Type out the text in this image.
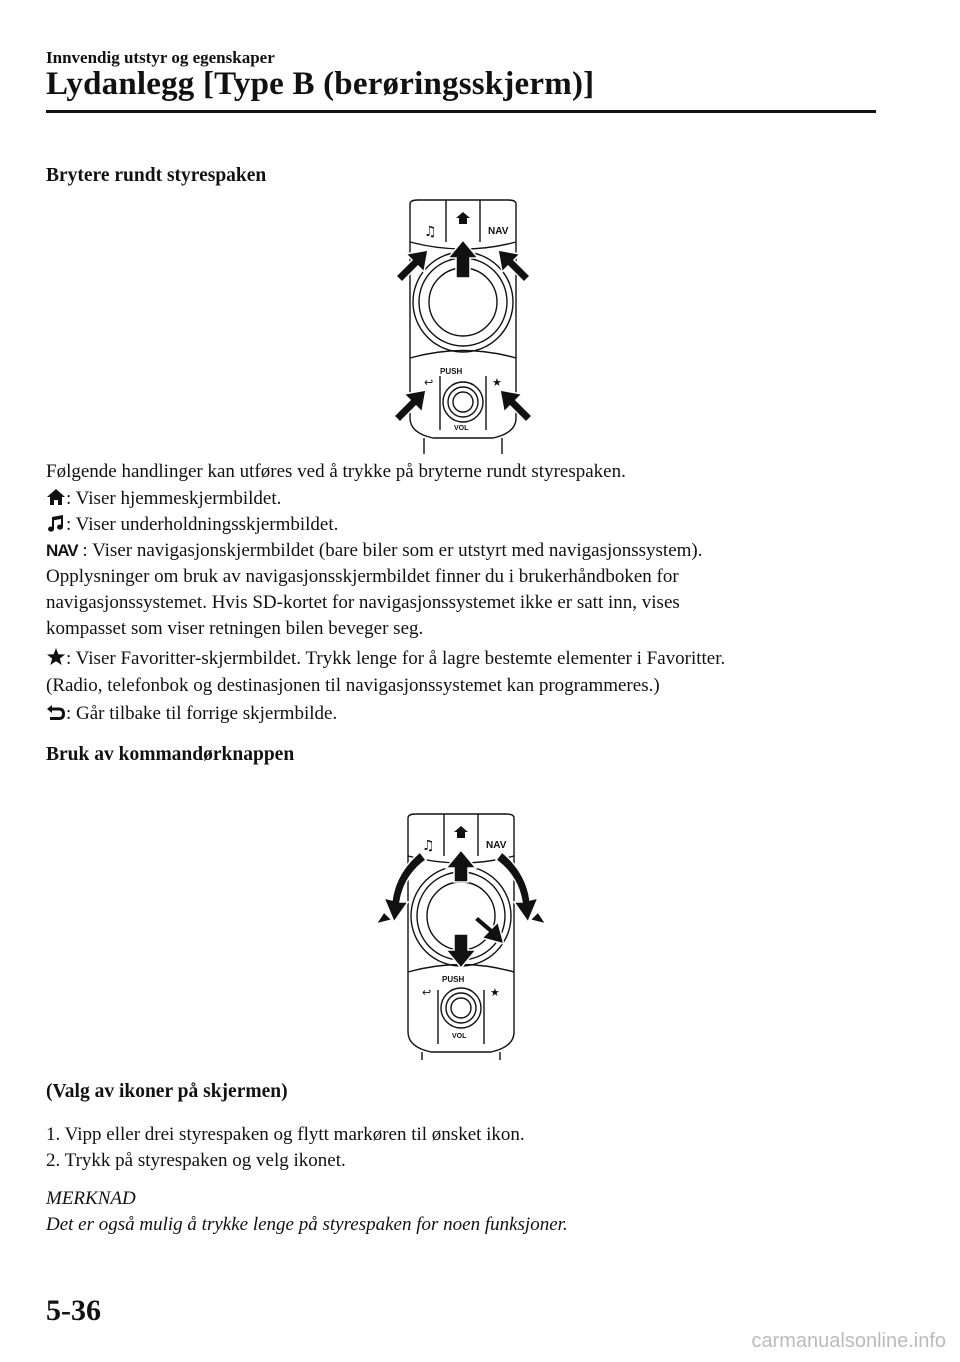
Innvendig utstyr og egenskaper
Lydanlegg [Type B (berøringsskjerm)]
Brytere rundt styrespaken
♫	NAV
PUSH
↩	★
VOL
Følgende handlinger kan utføres ved å trykke på bryterne rundt styrespaken.
: Viser hjemmeskjermbildet.
: Viser underholdningsskjermbildet.
NAV : Viser navigasjonskjermbildet (bare biler som er utstyrt med navigasjonssystem).
Opplysninger om bruk av navigasjonsskjermbildet finner du i brukerhåndboken for
navigasjonssystemet. Hvis SD-kortet for navigasjonssystemet ikke er satt inn, vises
kompasset som viser retningen bilen beveger seg.
: Viser Favoritter-skjermbildet. Trykk lenge for å lagre bestemte elementer i Favoritter.
(Radio, telefonbok og destinasjonen til navigasjonssystemet kan programmeres.)
: Går tilbake til forrige skjermbilde.
Bruk av kommandørknappen
♫	NAV
PUSH
↩	★
VOL
(Valg av ikoner på skjermen)
1. Vipp eller drei styrespaken og flytt markøren til ønsket ikon.
2. Trykk på styrespaken og velg ikonet.
MERKNAD
Det er også mulig å trykke lenge på styrespaken for noen funksjoner.
5-36
carmanualsonline.info
